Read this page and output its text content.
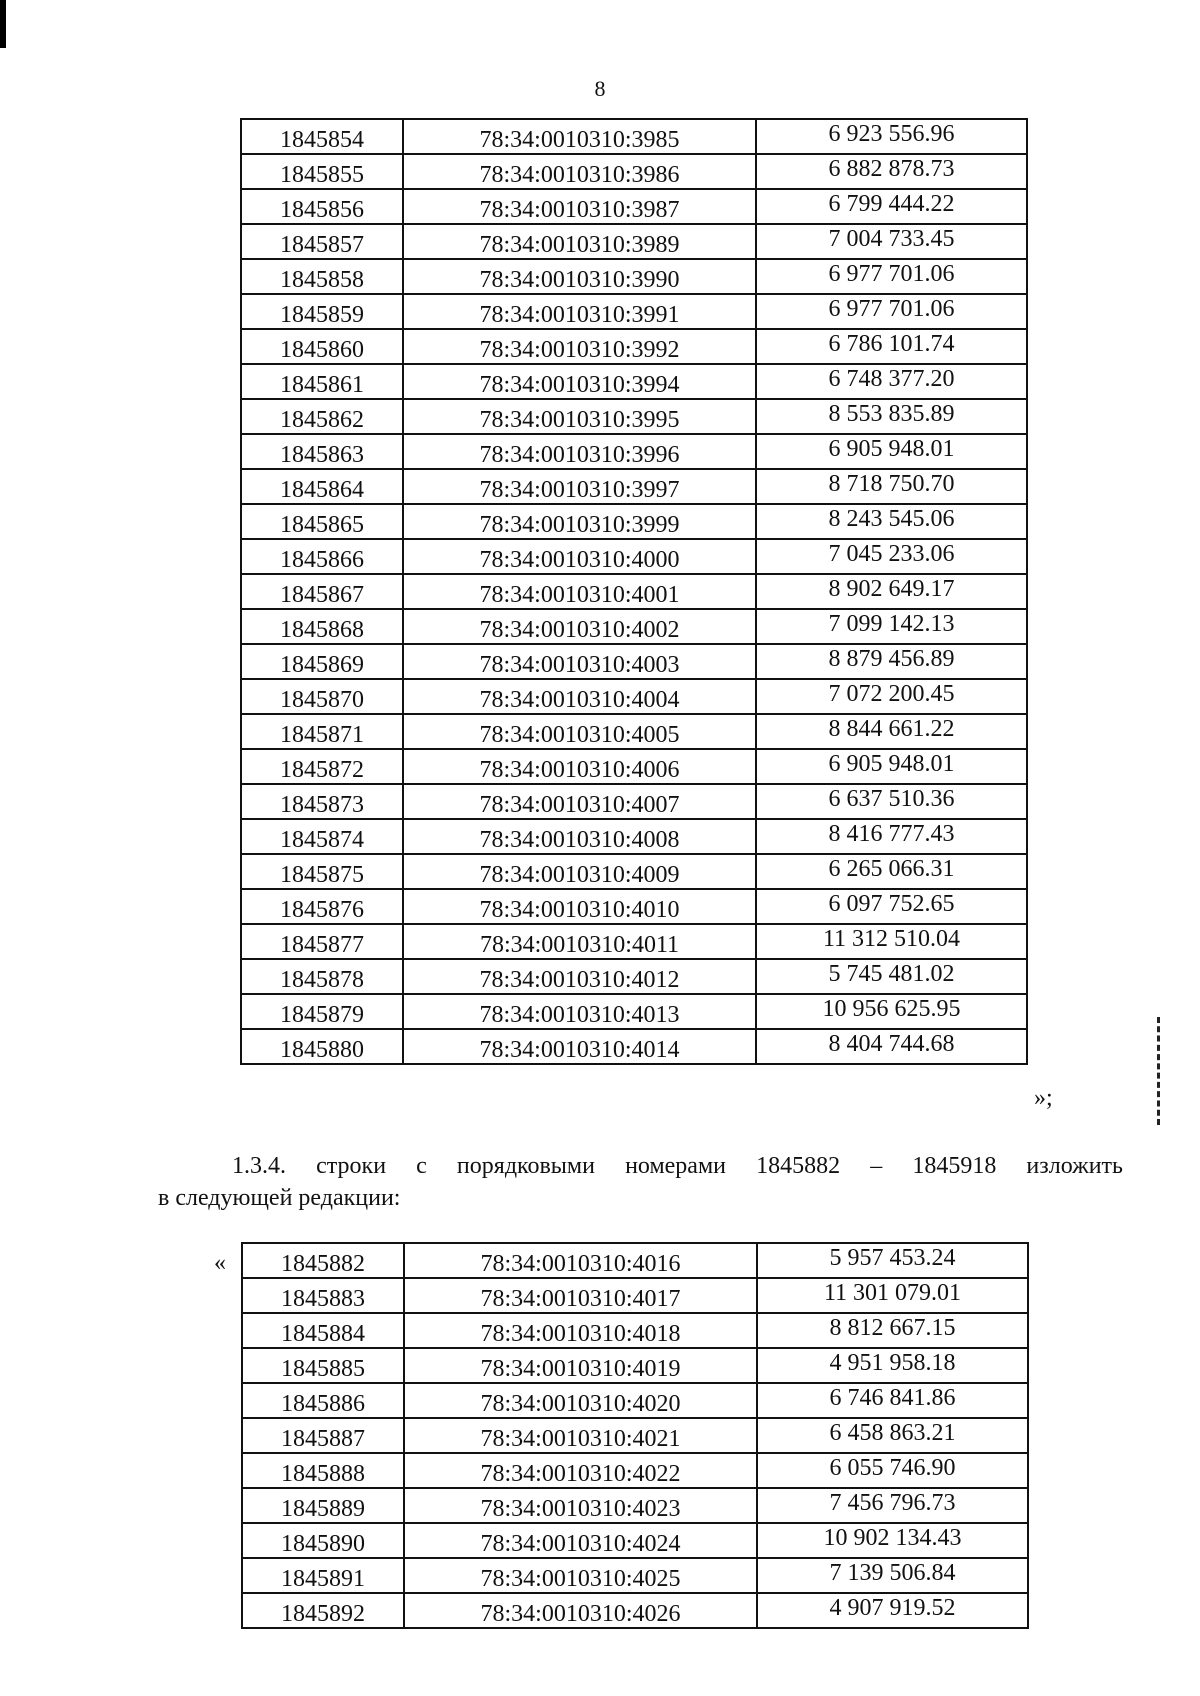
8
1845854	78:34:0010310:3985	6 923 556.96
1845855	78:34:0010310:3986	6 882 878.73
1845856	78:34:0010310:3987	6 799 444.22
1845857	78:34:0010310:3989	7 004 733.45
1845858	78:34:0010310:3990	6 977 701.06
1845859	78:34:0010310:3991	6 977 701.06
1845860	78:34:0010310:3992	6 786 101.74
1845861	78:34:0010310:3994	6 748 377.20
1845862	78:34:0010310:3995	8 553 835.89
1845863	78:34:0010310:3996	6 905 948.01
1845864	78:34:0010310:3997	8 718 750.70
1845865	78:34:0010310:3999	8 243 545.06
1845866	78:34:0010310:4000	7 045 233.06
1845867	78:34:0010310:4001	8 902 649.17
1845868	78:34:0010310:4002	7 099 142.13
1845869	78:34:0010310:4003	8 879 456.89
1845870	78:34:0010310:4004	7 072 200.45
1845871	78:34:0010310:4005	8 844 661.22
1845872	78:34:0010310:4006	6 905 948.01
1845873	78:34:0010310:4007	6 637 510.36
1845874	78:34:0010310:4008	8 416 777.43
1845875	78:34:0010310:4009	6 265 066.31
1845876	78:34:0010310:4010	6 097 752.65
1845877	78:34:0010310:4011	11 312 510.04
1845878	78:34:0010310:4012	5 745 481.02
1845879	78:34:0010310:4013	10 956 625.95
1845880	78:34:0010310:4014	8 404 744.68
»;
1.3.4. строки с порядковыми номерами 1845882 – 1845918 изложить
в следующей редакции:
« 1845882	78:34:0010310:4016	5 957 453.24
1845883	78:34:0010310:4017	11 301 079.01
1845884	78:34:0010310:4018	8 812 667.15
1845885	78:34:0010310:4019	4 951 958.18
1845886	78:34:0010310:4020	6 746 841.86
1845887	78:34:0010310:4021	6 458 863.21
1845888	78:34:0010310:4022	6 055 746.90
1845889	78:34:0010310:4023	7 456 796.73
1845890	78:34:0010310:4024	10 902 134.43
1845891	78:34:0010310:4025	7 139 506.84
1845892	78:34:0010310:4026	4 907 919.52
